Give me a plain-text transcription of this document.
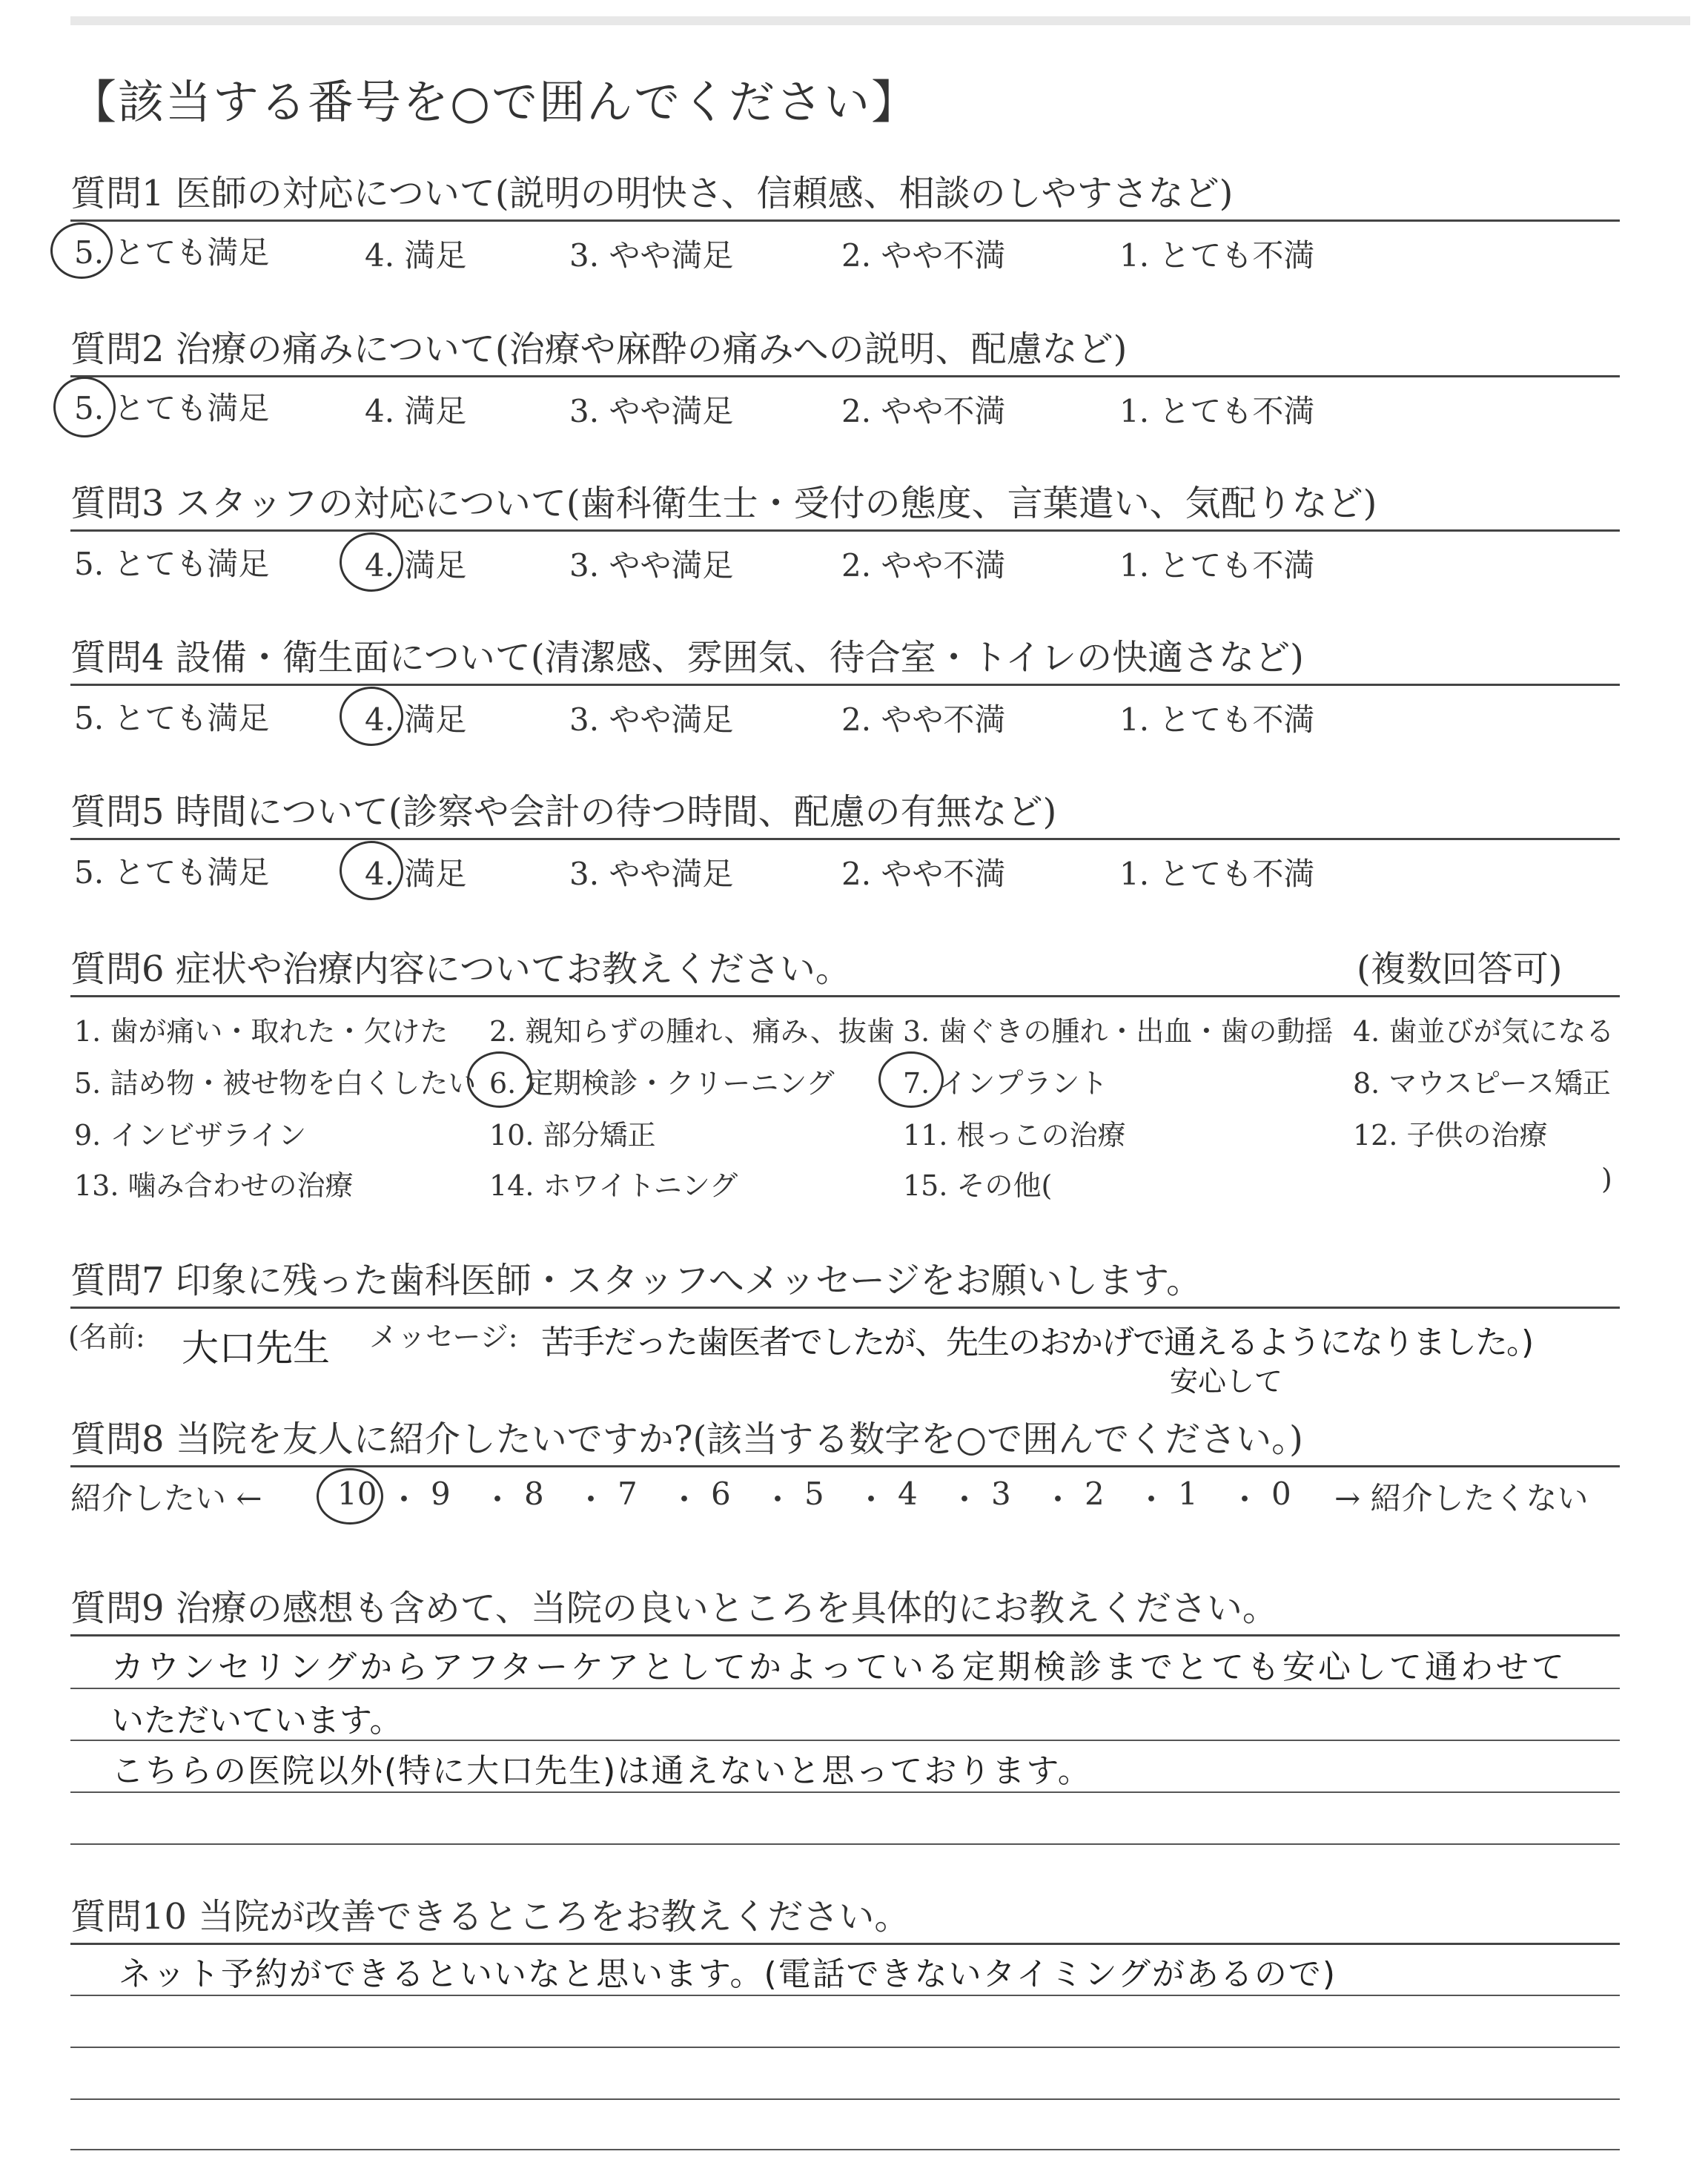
【該当する番号を○で囲んでください】
質問1 医師の対応について(説明の明快さ、信頼感、相談のしやすさなど)
5. とても満足	4. 満足	3. やや満足	2. やや不満	1. とても不満
質問2 治療の痛みについて(治療や麻酔の痛みへの説明、配慮など)
5. とても満足	4. 満足	3. やや満足	2. やや不満	1. とても不満
質問3 スタッフの対応について(歯科衛生士・受付の態度、言葉遣い、気配りなど)
5. とても満足	4. 満足	3. やや満足	2. やや不満	1. とても不満
質問4 設備・衛生面について(清潔感、雰囲気、待合室・トイレの快適さなど)
5. とても満足	4. 満足	3. やや満足	2. やや不満	1. とても不満
質問5 時間について(診察や会計の待つ時間、配慮の有無など)
5. とても満足	4. 満足	3. やや満足	2. やや不満	1. とても不満
質問6 症状や治療内容についてお教えください。	(複数回答可)
1. 歯が痛い・取れた・欠けた 2. 親知らずの腫れ、痛み、抜歯 3. 歯ぐきの腫れ・出血・歯の動揺 4. 歯並びが気になる
5. 詰め物・被せ物を白くしたい 6. 定期検診・クリーニング 7. インプラント	8. マウスピース矯正
9. インビザライン	10. 部分矯正	11. 根っこの治療	12. 子供の治療
13. 噛み合わせの治療	14. ホワイトニング	15. その他(	)
質問7 印象に残った歯科医師・スタッフへメッセージをお願いします。
(名前: 大口先生 メッセージ: 苦手だった歯医者でしたが、先生のおかげで通えるようになりました。)
安心して
質問8 当院を友人に紹介したいですか?(該当する数字を○で囲んでください。)
紹介したい ←	→ 紹介したくない
10 ・ 9 ・ 8 ・ 7 ・ 6 ・ 5 ・ 4 ・ 3 ・ 2 ・ 1 ・ 0
質問9 治療の感想も含めて、当院の良いところを具体的にお教えください。
カウンセリングからアフターケアとしてかよっている定期検診までとても安心して通わせて
いただいています。
こちらの医院以外(特に大口先生)は通えないと思っております。
質問10 当院が改善できるところをお教えください。
ネット予約ができるといいなと思います。(電話できないタイミングがあるので)
